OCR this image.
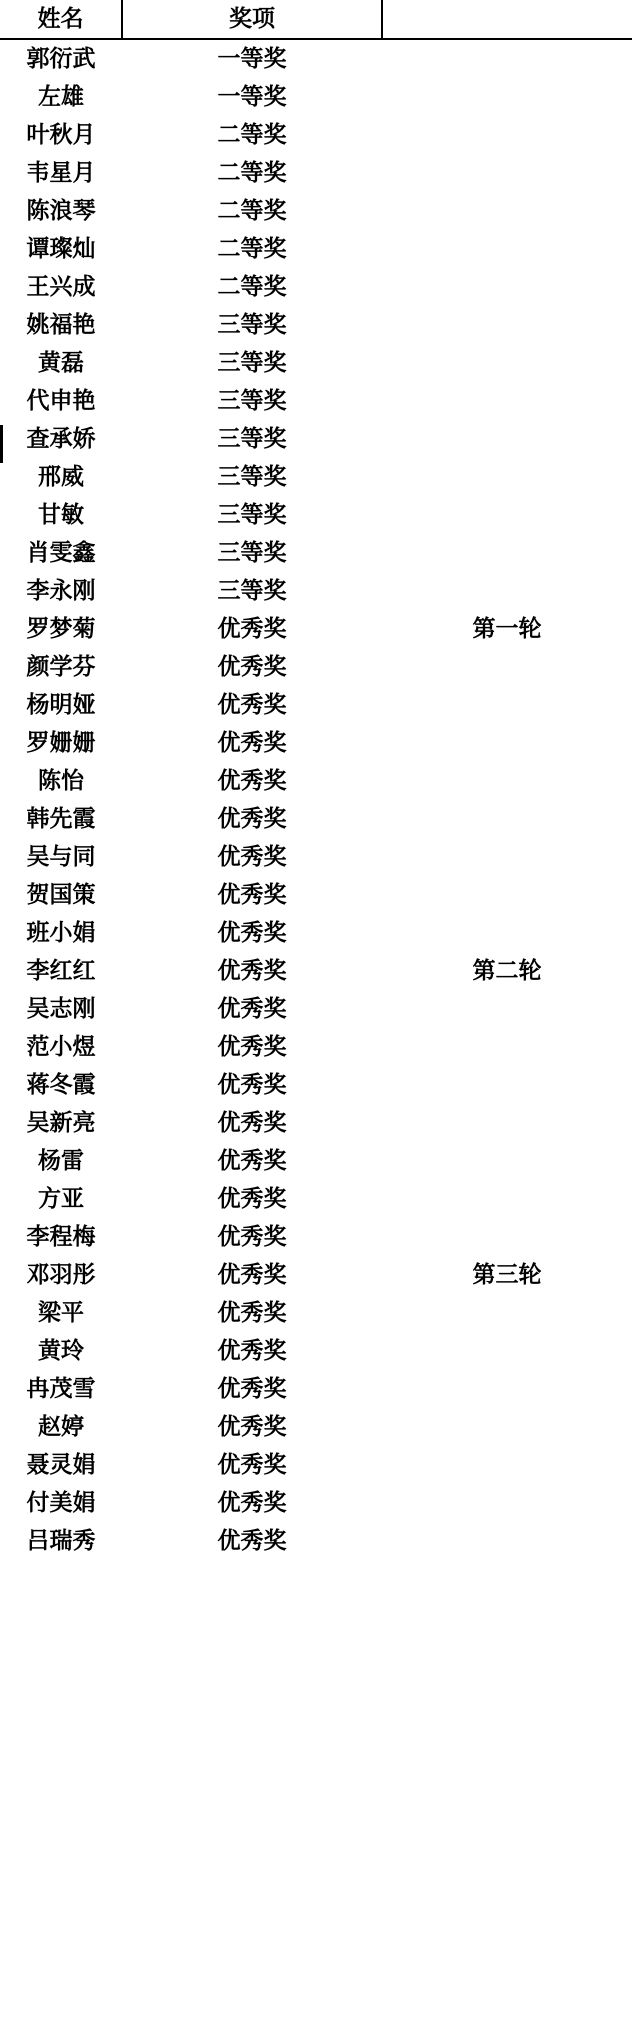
姓名	奖项	
郭衍武	一等奖	
左雄	一等奖	
叶秋月	二等奖	
韦星月	二等奖	
陈浪琴	二等奖	
谭璨灿	二等奖	
王兴成	二等奖	
姚福艳	三等奖	
黄磊	三等奖	
代申艳	三等奖	
查承娇	三等奖	
邢威	三等奖	
甘敏	三等奖	
肖雯鑫	三等奖	
李永刚	三等奖	
罗梦菊	优秀奖	第一轮
颜学芬	优秀奖	
杨明娅	优秀奖	
罗姗姗	优秀奖	
陈怡	优秀奖	
韩先霞	优秀奖	
吴与同	优秀奖	
贺国策	优秀奖	
班小娟	优秀奖	
李红红	优秀奖	第二轮
吴志刚	优秀奖	
范小煜	优秀奖	
蒋冬霞	优秀奖	
吴新亮	优秀奖	
杨雷	优秀奖	
方亚	优秀奖	
李程梅	优秀奖	
邓羽彤	优秀奖	第三轮
梁平	优秀奖	
黄玲	优秀奖	
冉茂雪	优秀奖	
赵婷	优秀奖	
聂灵娟	优秀奖	
付美娟	优秀奖	
吕瑞秀	优秀奖	
